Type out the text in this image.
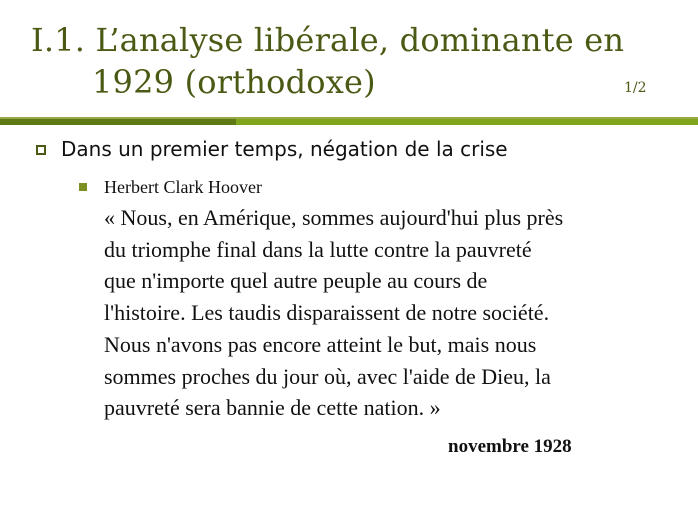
I.1. L’analyse libérale, dominante en
1929 (orthodoxe)	1/2
Dans un premier temps, négation de la crise
Herbert Clark Hoover
« Nous, en Amérique, sommes aujourd'hui plus près
du triomphe final dans la lutte contre la pauvreté
que n'importe quel autre peuple au cours de
l'histoire. Les taudis disparaissent de notre société.
Nous n'avons pas encore atteint le but, mais nous
sommes proches du jour où, avec l'aide de Dieu, la
pauvreté sera bannie de cette nation. »
novembre 1928
